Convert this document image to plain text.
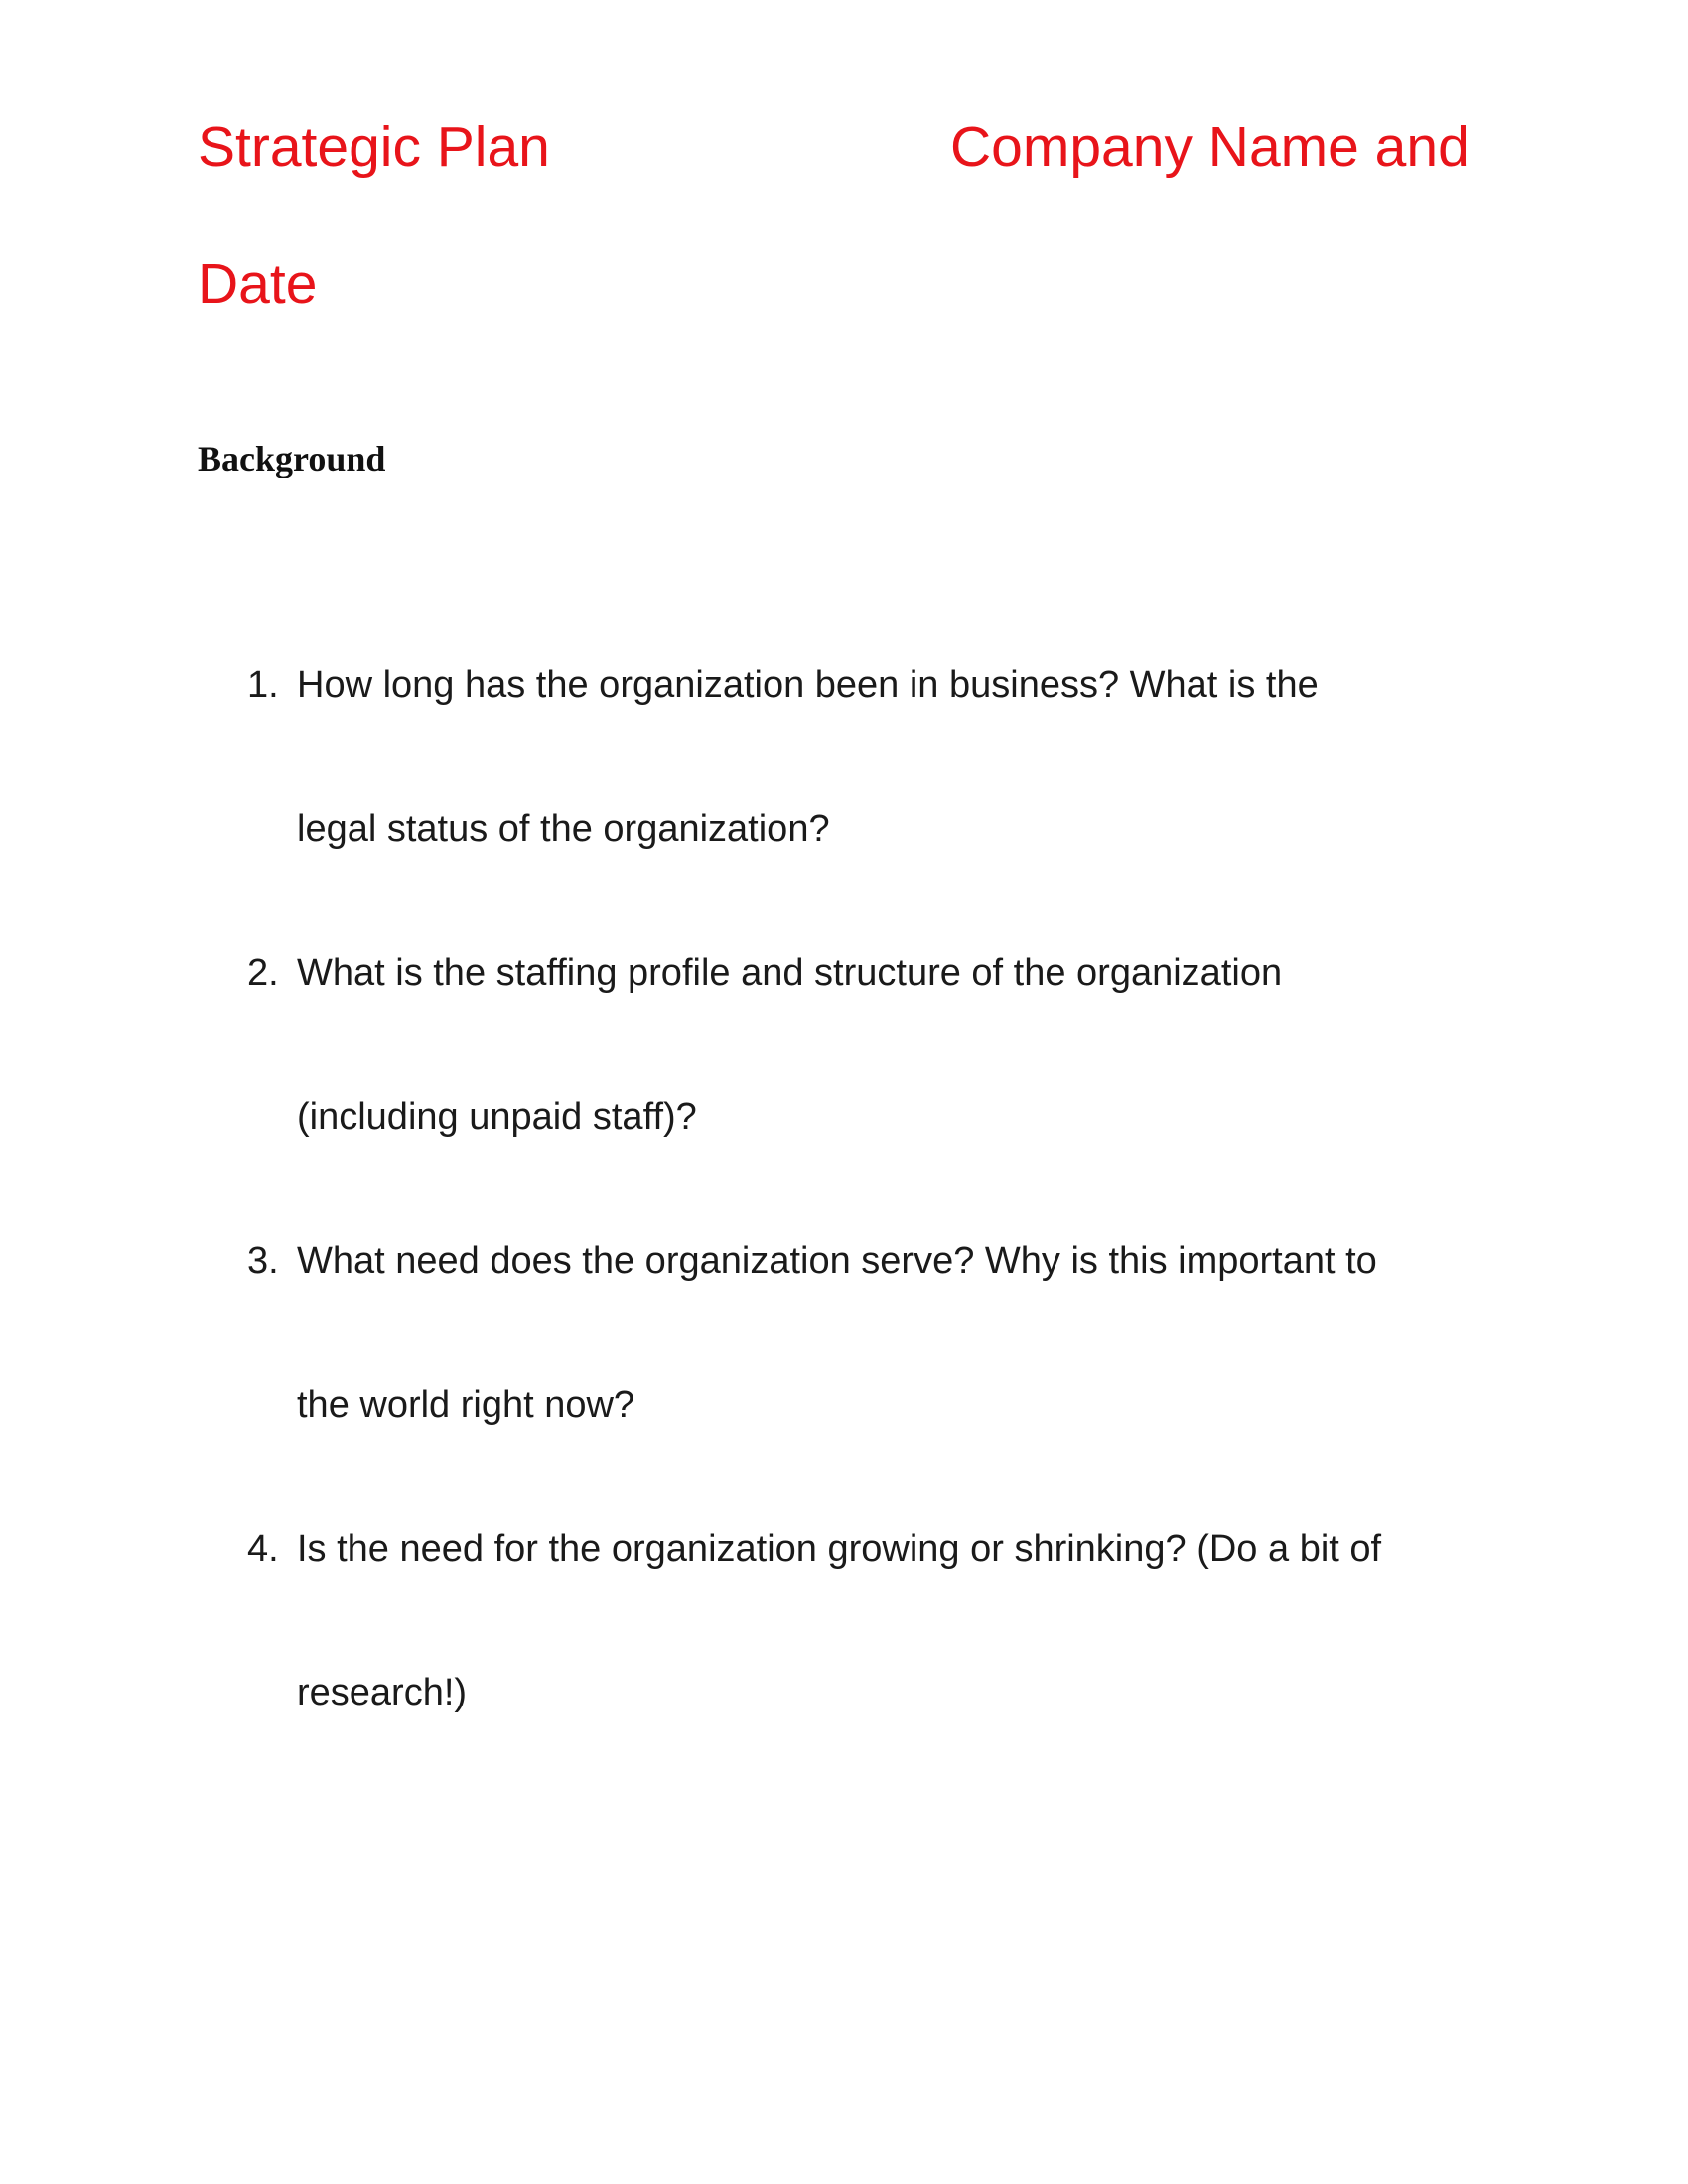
Strategic Plan	Company Name and
Date
Background
1. How long has the organization been in business? What is the
legal status of the organization?
2. What is the staffing profile and structure of the organization
(including unpaid staff)?
3. What need does the organization serve? Why is this important to
the world right now?
4. Is the need for the organization growing or shrinking? (Do a bit of
research!)
